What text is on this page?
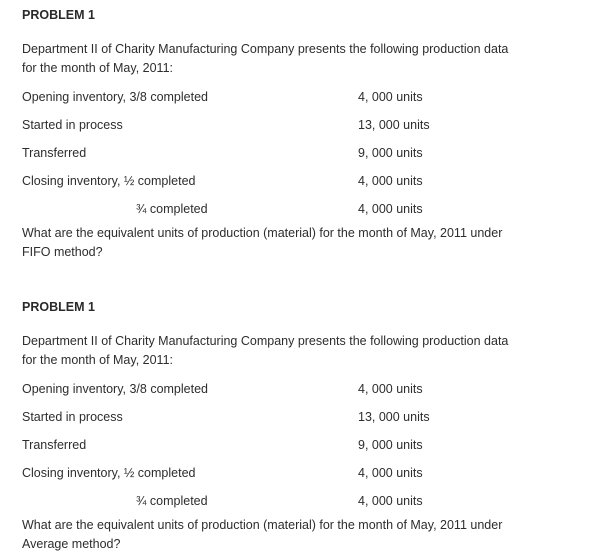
PROBLEM 1
Department II of Charity Manufacturing Company presents the following production data for the month of May, 2011:
Opening inventory, 3/8 completed	4, 000 units
Started in process	13, 000 units
Transferred	9, 000 units
Closing inventory, ½ completed	4, 000 units
¾ completed	4, 000 units
What are the equivalent units of production (material) for the month of May, 2011 under FIFO method?
PROBLEM 1
Department II of Charity Manufacturing Company presents the following production data for the month of May, 2011:
Opening inventory, 3/8 completed	4, 000 units
Started in process	13, 000 units
Transferred	9, 000 units
Closing inventory, ½ completed	4, 000 units
¾ completed	4, 000 units
What are the equivalent units of production (material) for the month of May, 2011 under Average method?
